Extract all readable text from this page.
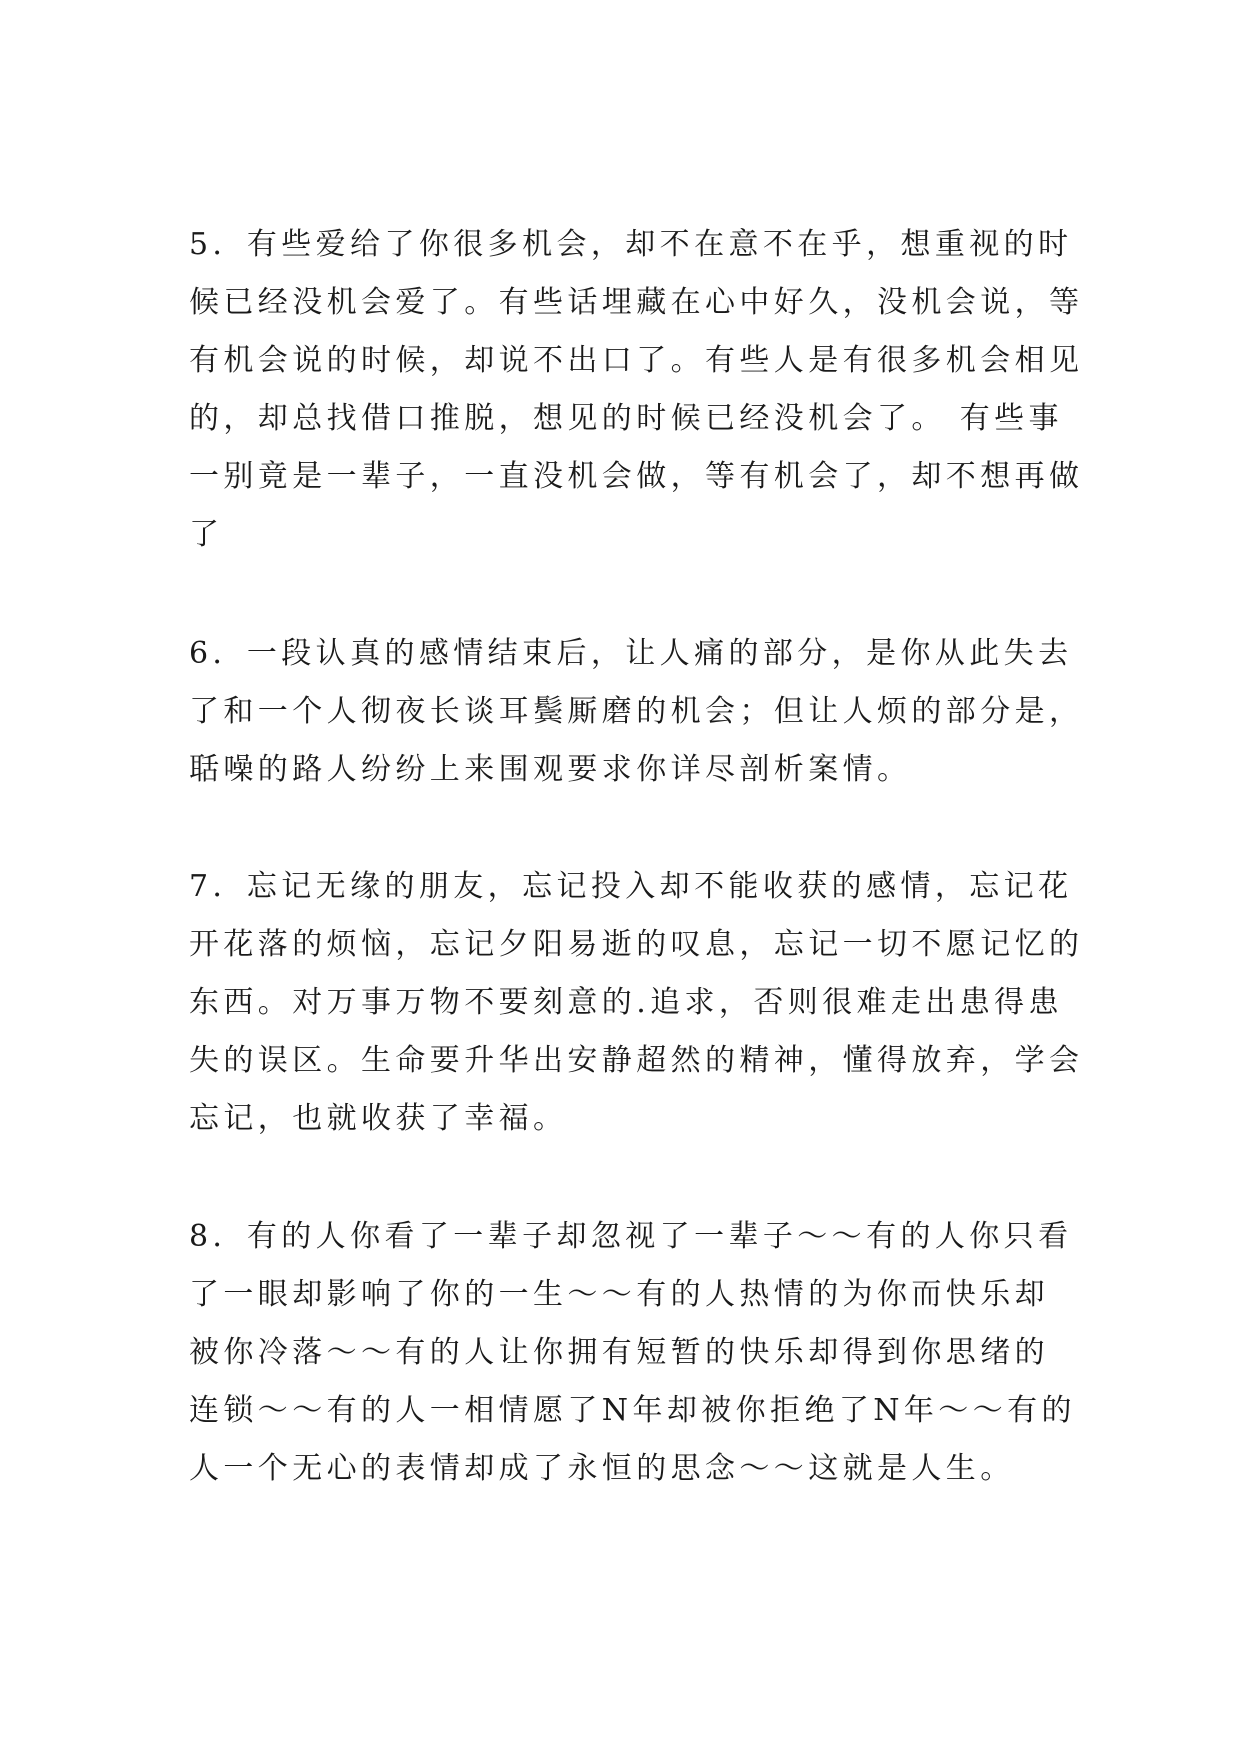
5．有些爱给了你很多机会，却不在意不在乎，想重视的时
候已经没机会爱了。有些话埋藏在心中好久，没机会说，等
有机会说的时候，却说不出口了。有些人是有很多机会相见
的，却总找借口推脱，想见的时候已经没机会了。 有些事
一别竟是一辈子，一直没机会做，等有机会了，却不想再做
了

6．一段认真的感情结束后，让人痛的部分，是你从此失去
了和一个人彻夜长谈耳鬓厮磨的机会；但让人烦的部分是，
聒噪的路人纷纷上来围观要求你详尽剖析案情。

7．忘记无缘的朋友，忘记投入却不能收获的感情，忘记花
开花落的烦恼，忘记夕阳易逝的叹息，忘记一切不愿记忆的
东西。对万事万物不要刻意的.追求，否则很难走出患得患
失的误区。生命要升华出安静超然的精神，懂得放弃，学会
忘记，也就收获了幸福。

8．有的人你看了一辈子却忽视了一辈子～～有的人你只看
了一眼却影响了你的一生～～有的人热情的为你而快乐却
被你冷落～～有的人让你拥有短暂的快乐却得到你思绪的
连锁～～有的人一相情愿了N年却被你拒绝了N年～～有的
人一个无心的表情却成了永恒的思念～～这就是人生。
